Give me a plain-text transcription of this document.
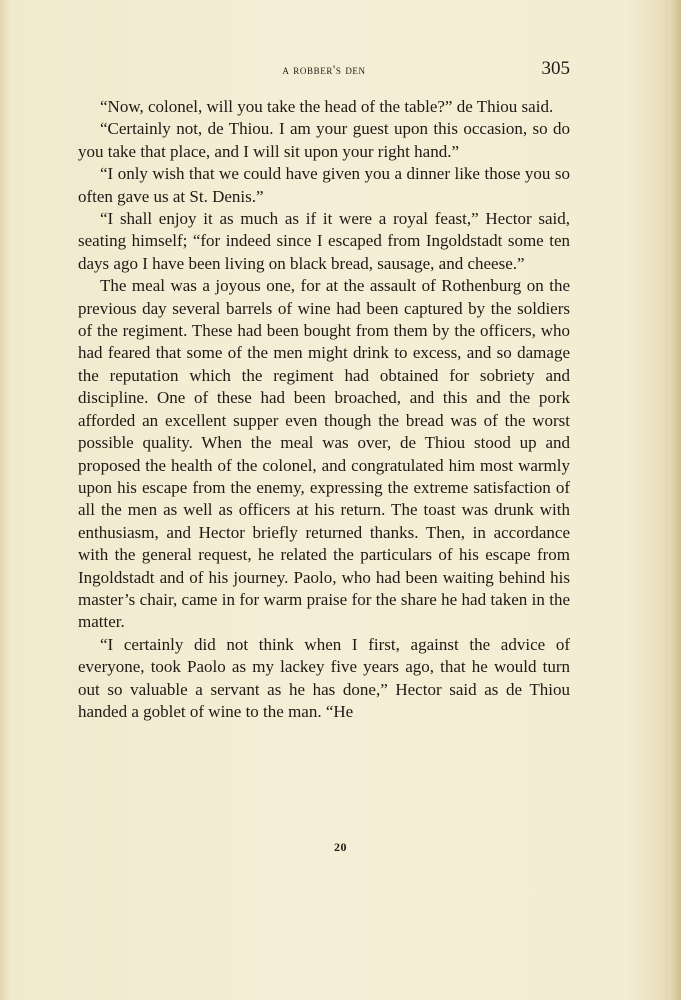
a robber's den	305

“Now, colonel, will you take the head of the table?” de Thiou said.

“Certainly not, de Thiou. I am your guest upon this occasion, so do you take that place, and I will sit upon your right hand.”

“I only wish that we could have given you a dinner like those you so often gave us at St. Denis.”

“I shall enjoy it as much as if it were a royal feast,” Hector said, seating himself; “for indeed since I escaped from Ingoldstadt some ten days ago I have been living on black bread, sausage, and cheese.”

The meal was a joyous one, for at the assault of Rothenburg on the previous day several barrels of wine had been captured by the soldiers of the regiment. These had been bought from them by the officers, who had feared that some of the men might drink to excess, and so damage the reputation which the regiment had obtained for sobriety and discipline. One of these had been broached, and this and the pork afforded an excellent supper even though the bread was of the worst possible quality. When the meal was over, de Thiou stood up and proposed the health of the colonel, and congratulated him most warmly upon his escape from the enemy, expressing the extreme satisfaction of all the men as well as officers at his return. The toast was drunk with enthusiasm, and Hector briefly returned thanks. Then, in accordance with the general request, he related the particulars of his escape from Ingoldstadt and of his journey. Paolo, who had been waiting behind his master’s chair, came in for warm praise for the share he had taken in the matter.

“I certainly did not think when I first, against the advice of everyone, took Paolo as my lackey five years ago, that he would turn out so valuable a servant as he has done,” Hector said as de Thiou handed a goblet of wine to the man. “He

20
